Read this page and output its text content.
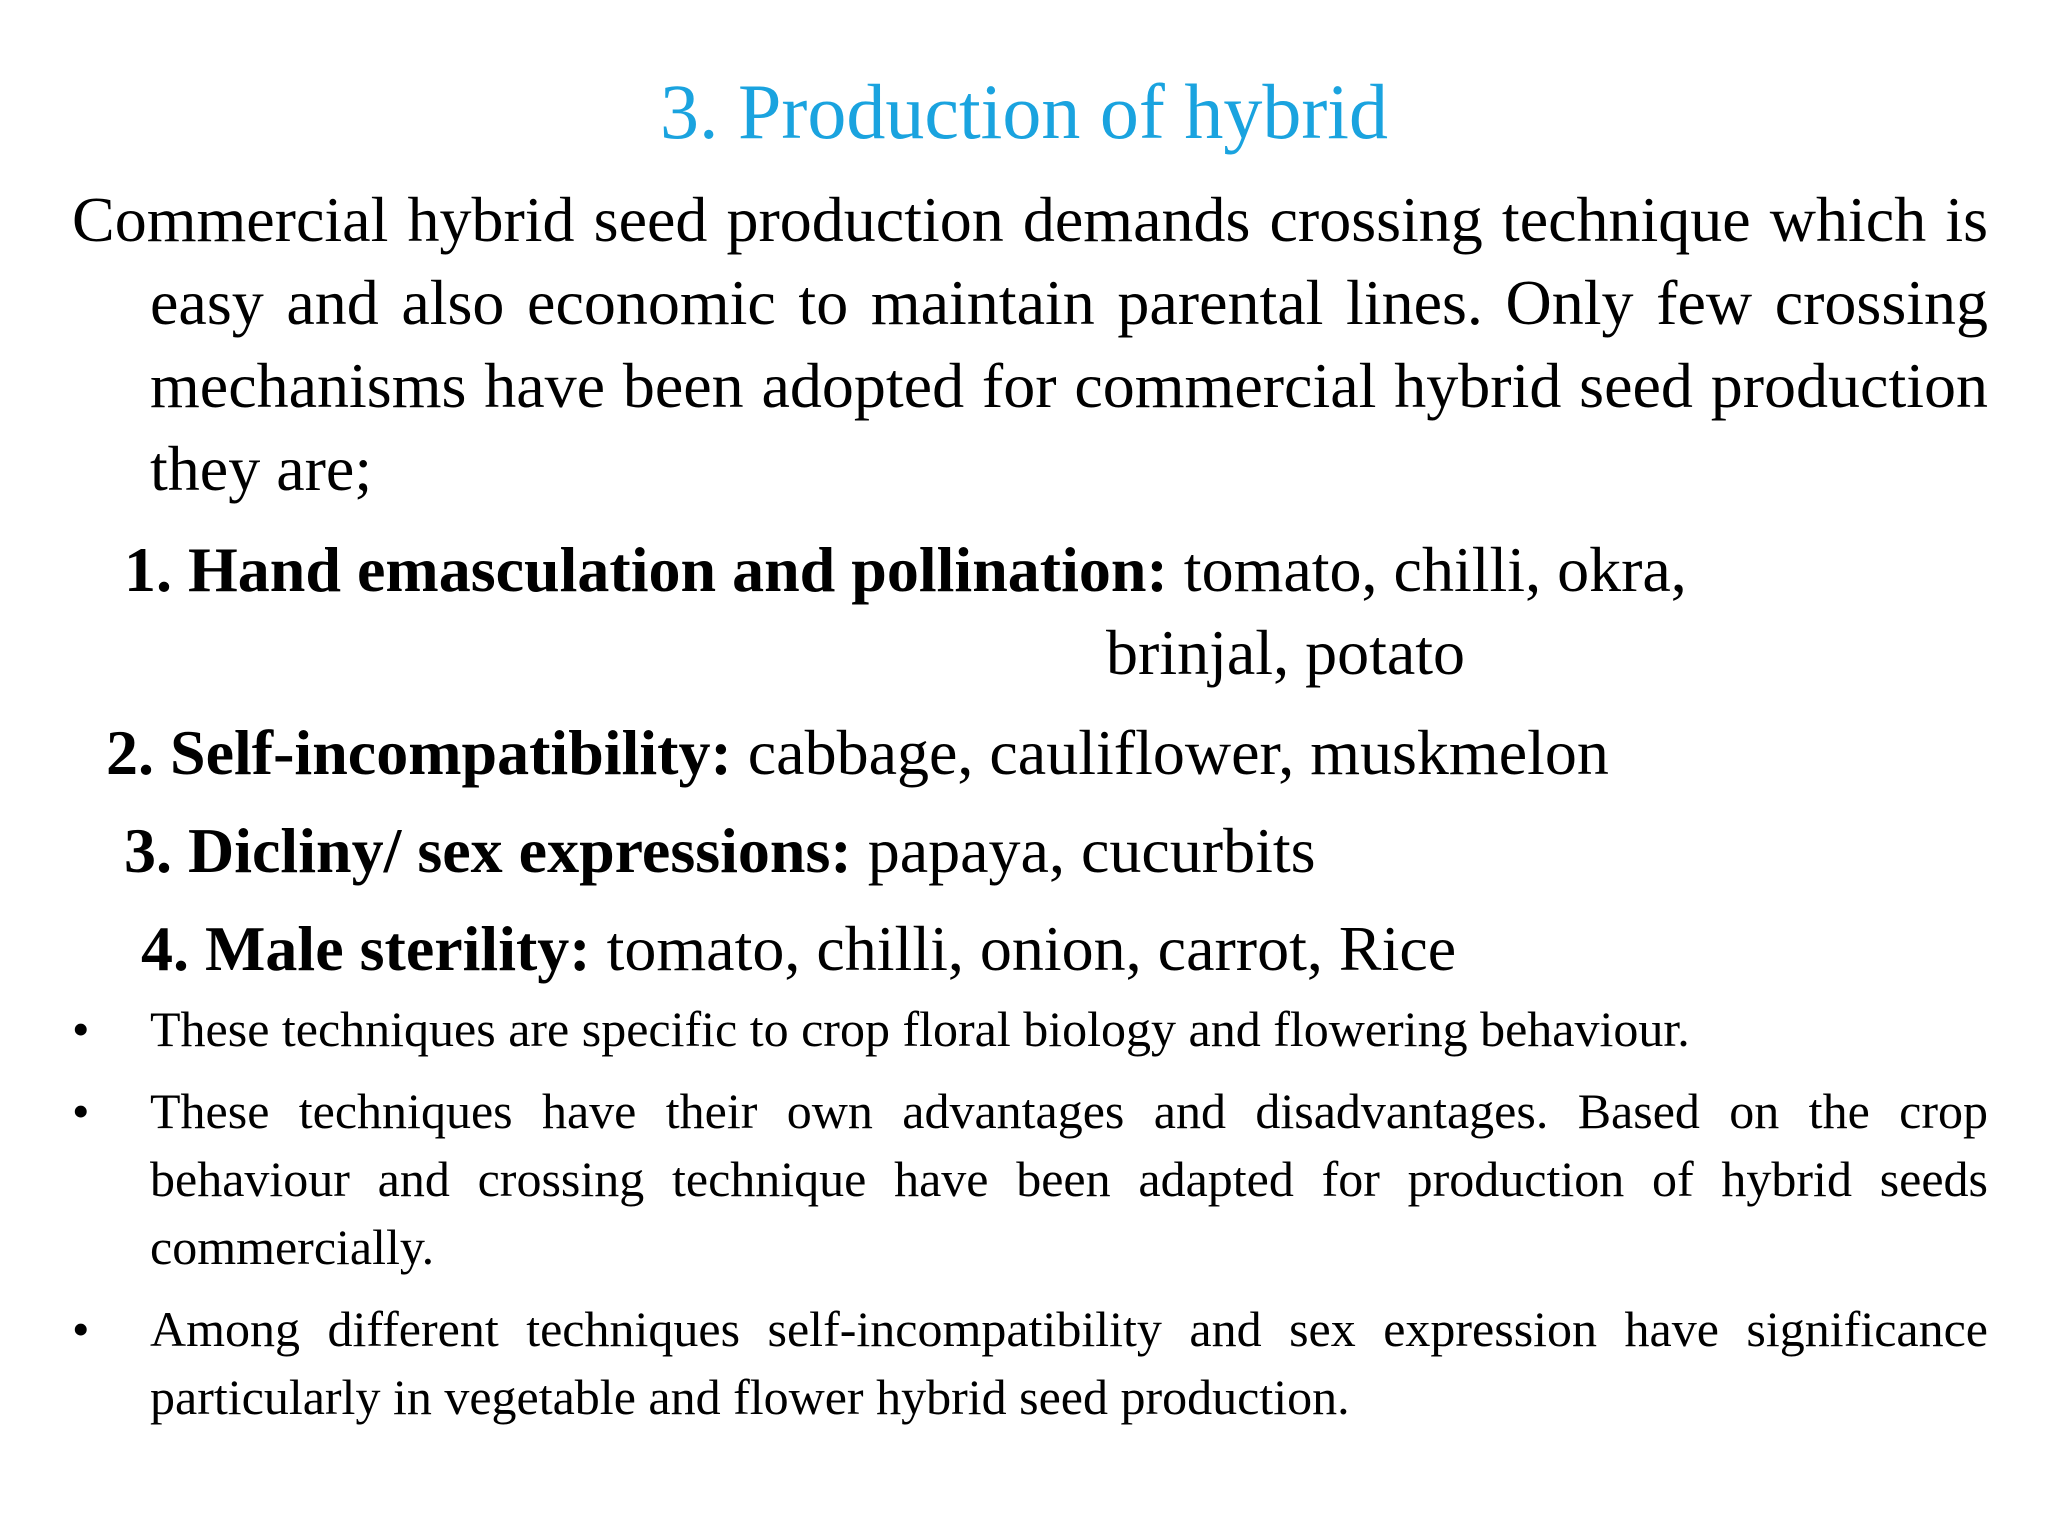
3. Production of hybrid

Commercial hybrid seed production demands crossing technique which is easy and also economic to maintain parental lines. Only few crossing mechanisms have been adopted for commercial hybrid seed production they are;

1. Hand emasculation and pollination: tomato, chilli, okra,
brinjal, potato
2. Self-incompatibility: cabbage, cauliflower, muskmelon
3. Dicliny/ sex expressions: papaya, cucurbits
4. Male sterility: tomato, chilli, onion, carrot, Rice
•	These techniques are specific to crop floral biology and flowering behaviour.
•	These techniques have their own advantages and disadvantages. Based on the crop behaviour and crossing technique have been adapted for production of hybrid seeds commercially.
•	Among different techniques self-incompatibility and sex expression have significance particularly in vegetable and flower hybrid seed production.
